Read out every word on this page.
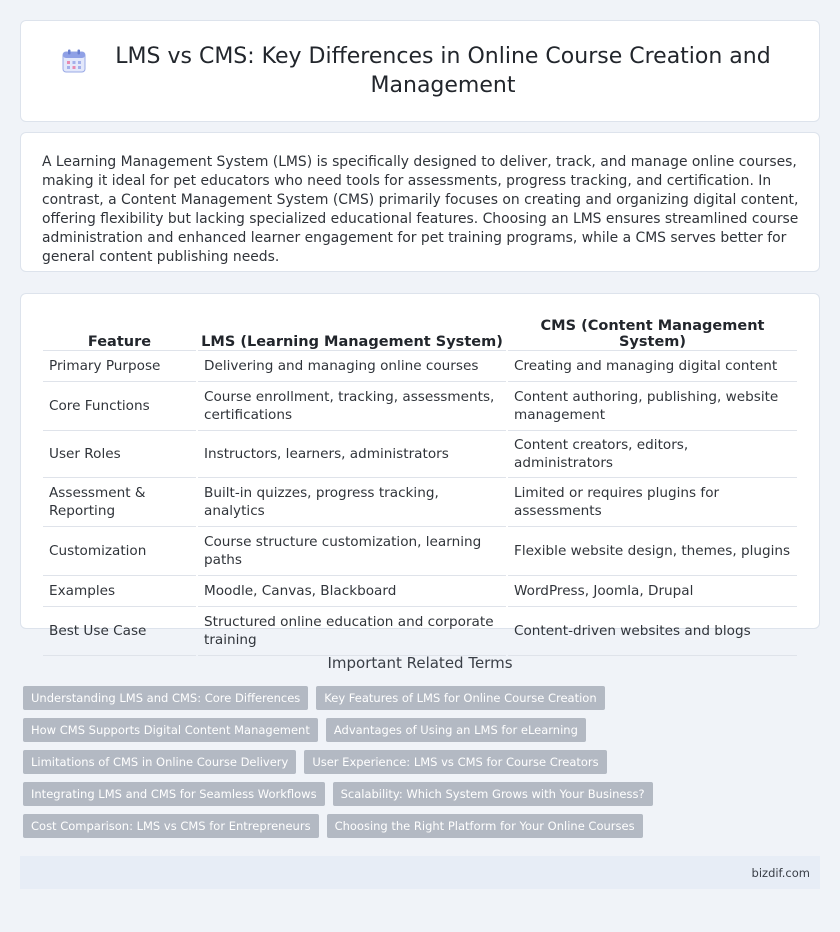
LMS vs CMS: Key Differences in Online Course Creation and Management

A Learning Management System (LMS) is specifically designed to deliver, track, and manage online courses, making it ideal for pet educators who need tools for assessments, progress tracking, and certification. In contrast, a Content Management System (CMS) primarily focuses on creating and organizing digital content, offering flexibility but lacking specialized educational features. Choosing an LMS ensures streamlined course administration and enhanced learner engagement for pet training programs, while a CMS serves better for general content publishing needs.

Feature	LMS (Learning Management System)	CMS (Content Management System)
Primary Purpose	Delivering and managing online courses	Creating and managing digital content
Core Functions	Course enrollment, tracking, assessments, certifications	Content authoring, publishing, website management
User Roles	Instructors, learners, administrators	Content creators, editors, administrators
Assessment & Reporting	Built-in quizzes, progress tracking, analytics	Limited or requires plugins for assessments
Customization	Course structure customization, learning paths	Flexible website design, themes, plugins
Examples	Moodle, Canvas, Blackboard	WordPress, Joomla, Drupal
Best Use Case	Structured online education and corporate training	Content-driven websites and blogs
Important Related Terms
Understanding LMS and CMS: Core Differences	Key Features of LMS for Online Course Creation
How CMS Supports Digital Content Management	Advantages of Using an LMS for eLearning
Limitations of CMS in Online Course Delivery	User Experience: LMS vs CMS for Course Creators
Integrating LMS and CMS for Seamless Workflows	Scalability: Which System Grows with Your Business?
Cost Comparison: LMS vs CMS for Entrepreneurs	Choosing the Right Platform for Your Online Courses
bizdif.com
